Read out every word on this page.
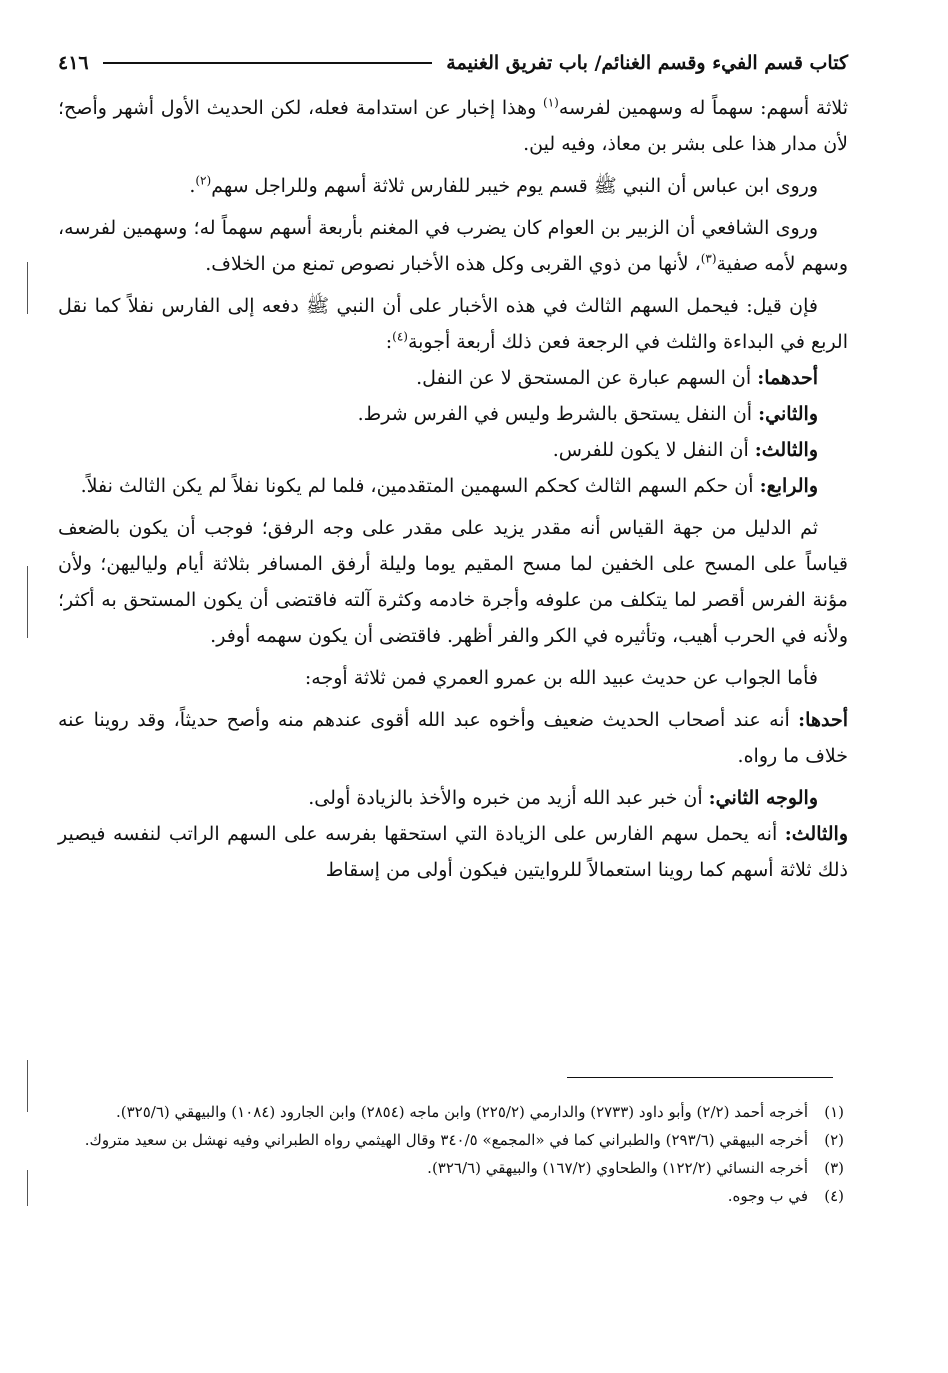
كتاب قسم الفيء وقسم الغنائم/ باب تفريق الغنيمة
٤١٦

ثلاثة أسهم: سهماً له وسهمين لفرسه$^{(١)}$ وهذا إخبار عن استدامة فعله، لكن الحديث الأول أشهر وأصح؛ لأن مدار هذا على بشر بن معاذ، وفيه لين.

وروى ابن عباس أن النبي ﷺ قسم يوم خيبر للفارس ثلاثة أسهم وللراجل سهم$^{(٢)}$.

وروى الشافعي أن الزبير بن العوام كان يضرب في المغنم بأربعة أسهم سهماً له؛ وسهمين لفرسه، وسهم لأمه صفية$^{(٣)}$، لأنها من ذوي القربى وكل هذه الأخبار نصوص تمنع من الخلاف.

فإن قيل: فيحمل السهم الثالث في هذه الأخبار على أن النبي ﷺ دفعه إلى الفارس نفلاً كما نقل الربع في البداءة والثلث في الرجعة فعن ذلك أربعة أجوبة$^{(٤)}$:

أحدهما: أن السهم عبارة عن المستحق لا عن النفل.

والثاني: أن النفل يستحق بالشرط وليس في الفرس شرط.

والثالث: أن النفل لا يكون للفرس.

والرابع: أن حكم السهم الثالث كحكم السهمين المتقدمين، فلما لم يكونا نفلاً لم يكن الثالث نفلاً.

ثم الدليل من جهة القياس أنه مقدر يزيد على مقدر على وجه الرفق؛ فوجب أن يكون بالضعف قياساً على المسح على الخفين لما مسح المقيم يوما وليلة أرفق المسافر بثلاثة أيام ولياليهن؛ ولأن مؤنة الفرس أقصر لما يتكلف من علوفه وأجرة خادمه وكثرة آلته فاقتضى أن يكون المستحق به أكثر؛ ولأنه في الحرب أهيب، وتأثيره في الكر والفر أظهر. فاقتضى أن يكون سهمه أوفر.

فأما الجواب عن حديث عبيد الله بن عمرو العمري فمن ثلاثة أوجه:

أحدها: أنه عند أصحاب الحديث ضعيف وأخوه عبد الله أقوى عندهم منه وأصح حديثاً، وقد روينا عنه خلاف ما رواه.

والوجه الثاني: أن خبر عبد الله أزيد من خبره والأخذ بالزيادة أولى.

والثالث: أنه يحمل سهم الفارس على الزيادة التي استحقها بفرسه على السهم الراتب لنفسه فيصير ذلك ثلاثة أسهم كما روينا استعمالاً للروايتين فيكون أولى من إسقاط

(١)
أخرجه أحمد (٢/٢) وأبو داود (٢٧٣٣) والدارمي (٢٢٥/٢) وابن ماجه (٢٨٥٤) وابن الجارود (١٠٨٤) والبيهقي (٣٢٥/٦).

(٢)
أخرجه البيهقي (٢٩٣/٦) والطبراني كما في «المجمع» ٣٤٠/٥ وقال الهيثمي رواه الطبراني وفيه نهشل بن سعيد متروك.

(٣)
أخرجه النسائي (١٢٢/٢) والطحاوي (١٦٧/٢) والبيهقي (٣٢٦/٦).

(٤)
في ب وجوه.
